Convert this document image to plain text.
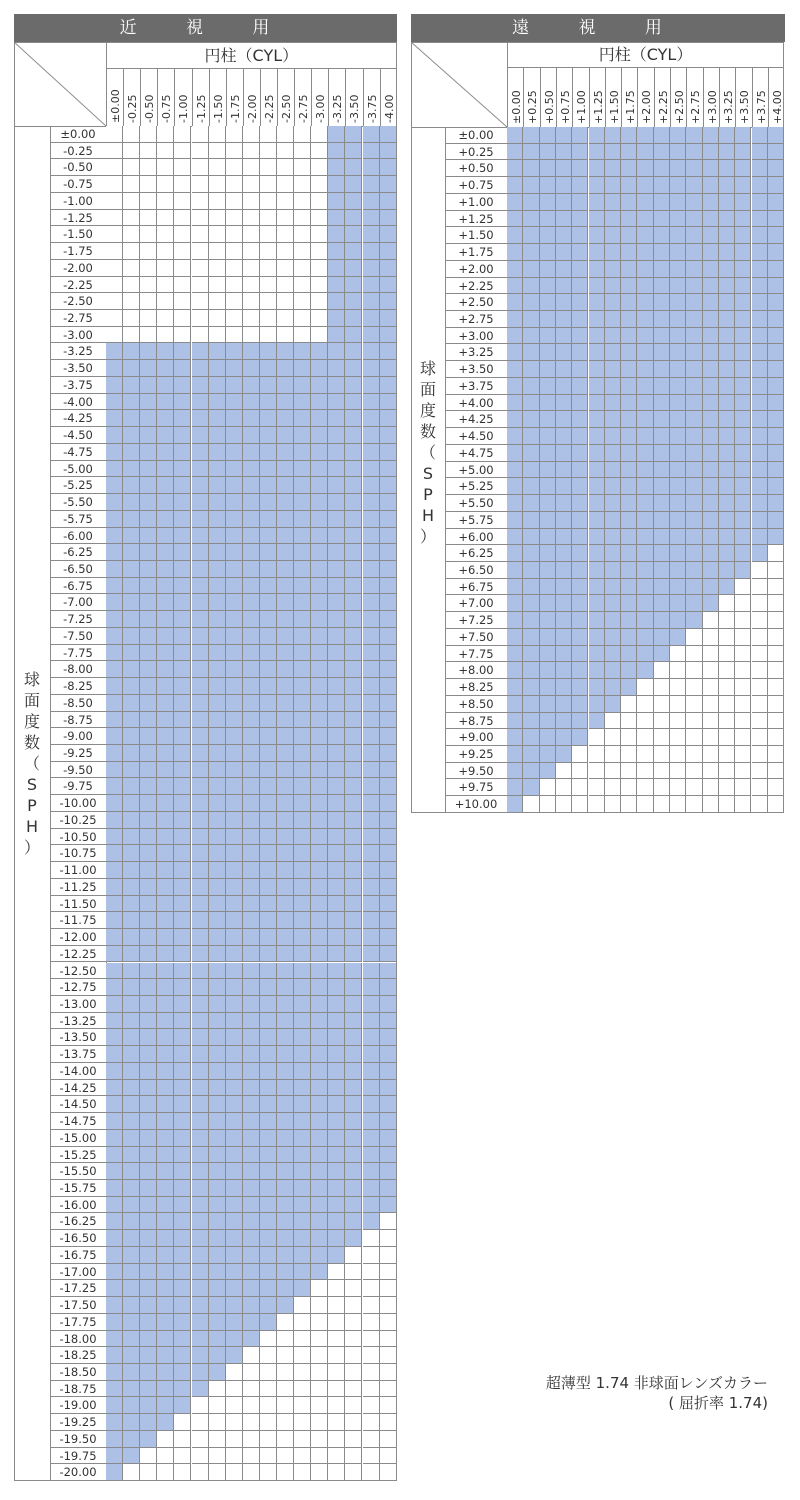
近 視 用
円柱（CYL）
±0.00 -0.25 -0.50 -0.75 -1.00 -1.25 -1.50 -1.75 -2.00 -2.25 -2.50 -2.75 -3.00 -3.25 -3.50 -3.75 -4.00
球
面
度
数
（
S
P
H
）
±0.00
-0.25
-0.50
-0.75
-1.00
-1.25
-1.50
-1.75
-2.00
-2.25
-2.50
-2.75
-3.00
-3.25
-3.50
-3.75
-4.00
-4.25
-4.50
-4.75
-5.00
-5.25
-5.50
-5.75
-6.00
-6.25
-6.50
-6.75
-7.00
-7.25
-7.50
-7.75
-8.00
-8.25
-8.50
-8.75
-9.00
-9.25
-9.50
-9.75
-10.00
-10.25
-10.50
-10.75
-11.00
-11.25
-11.50
-11.75
-12.00
-12.25
-12.50
-12.75
-13.00
-13.25
-13.50
-13.75
-14.00
-14.25
-14.50
-14.75
-15.00
-15.25
-15.50
-15.75
-16.00
-16.25
-16.50
-16.75
-17.00
-17.25
-17.50
-17.75
-18.00
-18.25
-18.50
-18.75
-19.00
-19.25
-19.50
-19.75
-20.00
遠 視 用
円柱（CYL）
±0.00 +0.25 +0.50 +0.75 +1.00 +1.25 +1.50 +1.75 +2.00 +2.25 +2.50 +2.75 +3.00 +3.25 +3.50 +3.75 +4.00
球
面
度
数
（
S
P
H
）
±0.00
+0.25
+0.50
+0.75
+1.00
+1.25
+1.50
+1.75
+2.00
+2.25
+2.50
+2.75
+3.00
+3.25
+3.50
+3.75
+4.00
+4.25
+4.50
+4.75
+5.00
+5.25
+5.50
+5.75
+6.00
+6.25
+6.50
+6.75
+7.00
+7.25
+7.50
+7.75
+8.00
+8.25
+8.50
+8.75
+9.00
+9.25
+9.50
+9.75
+10.00
超薄型 1.74 非球面レンズカラー
( 屈折率 1.74)
